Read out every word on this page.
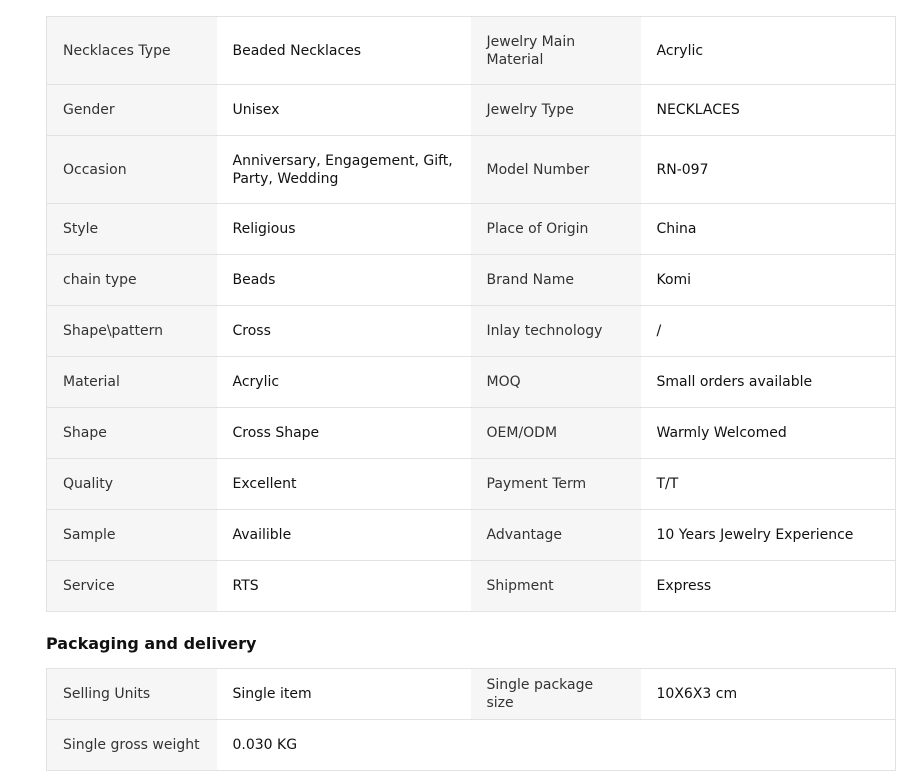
Necklaces Type	Beaded Necklaces	Jewelry Main Material	Acrylic
Gender	Unisex	Jewelry Type	NECKLACES
Occasion	Anniversary, Engagement, Gift, Party, Wedding	Model Number	RN-097
Style	Religious	Place of Origin	China
chain type	Beads	Brand Name	Komi
Shape\pattern	Cross	Inlay technology	/
Material	Acrylic	MOQ	Small orders available
Shape	Cross Shape	OEM/ODM	Warmly Welcomed
Quality	Excellent	Payment Term	T/T
Sample	Availible	Advantage	10 Years Jewelry Experience
Service	RTS	Shipment	Express
Packaging and delivery
Selling Units	Single item	Single package size	10X6X3 cm
Single gross weight	0.030 KG		
